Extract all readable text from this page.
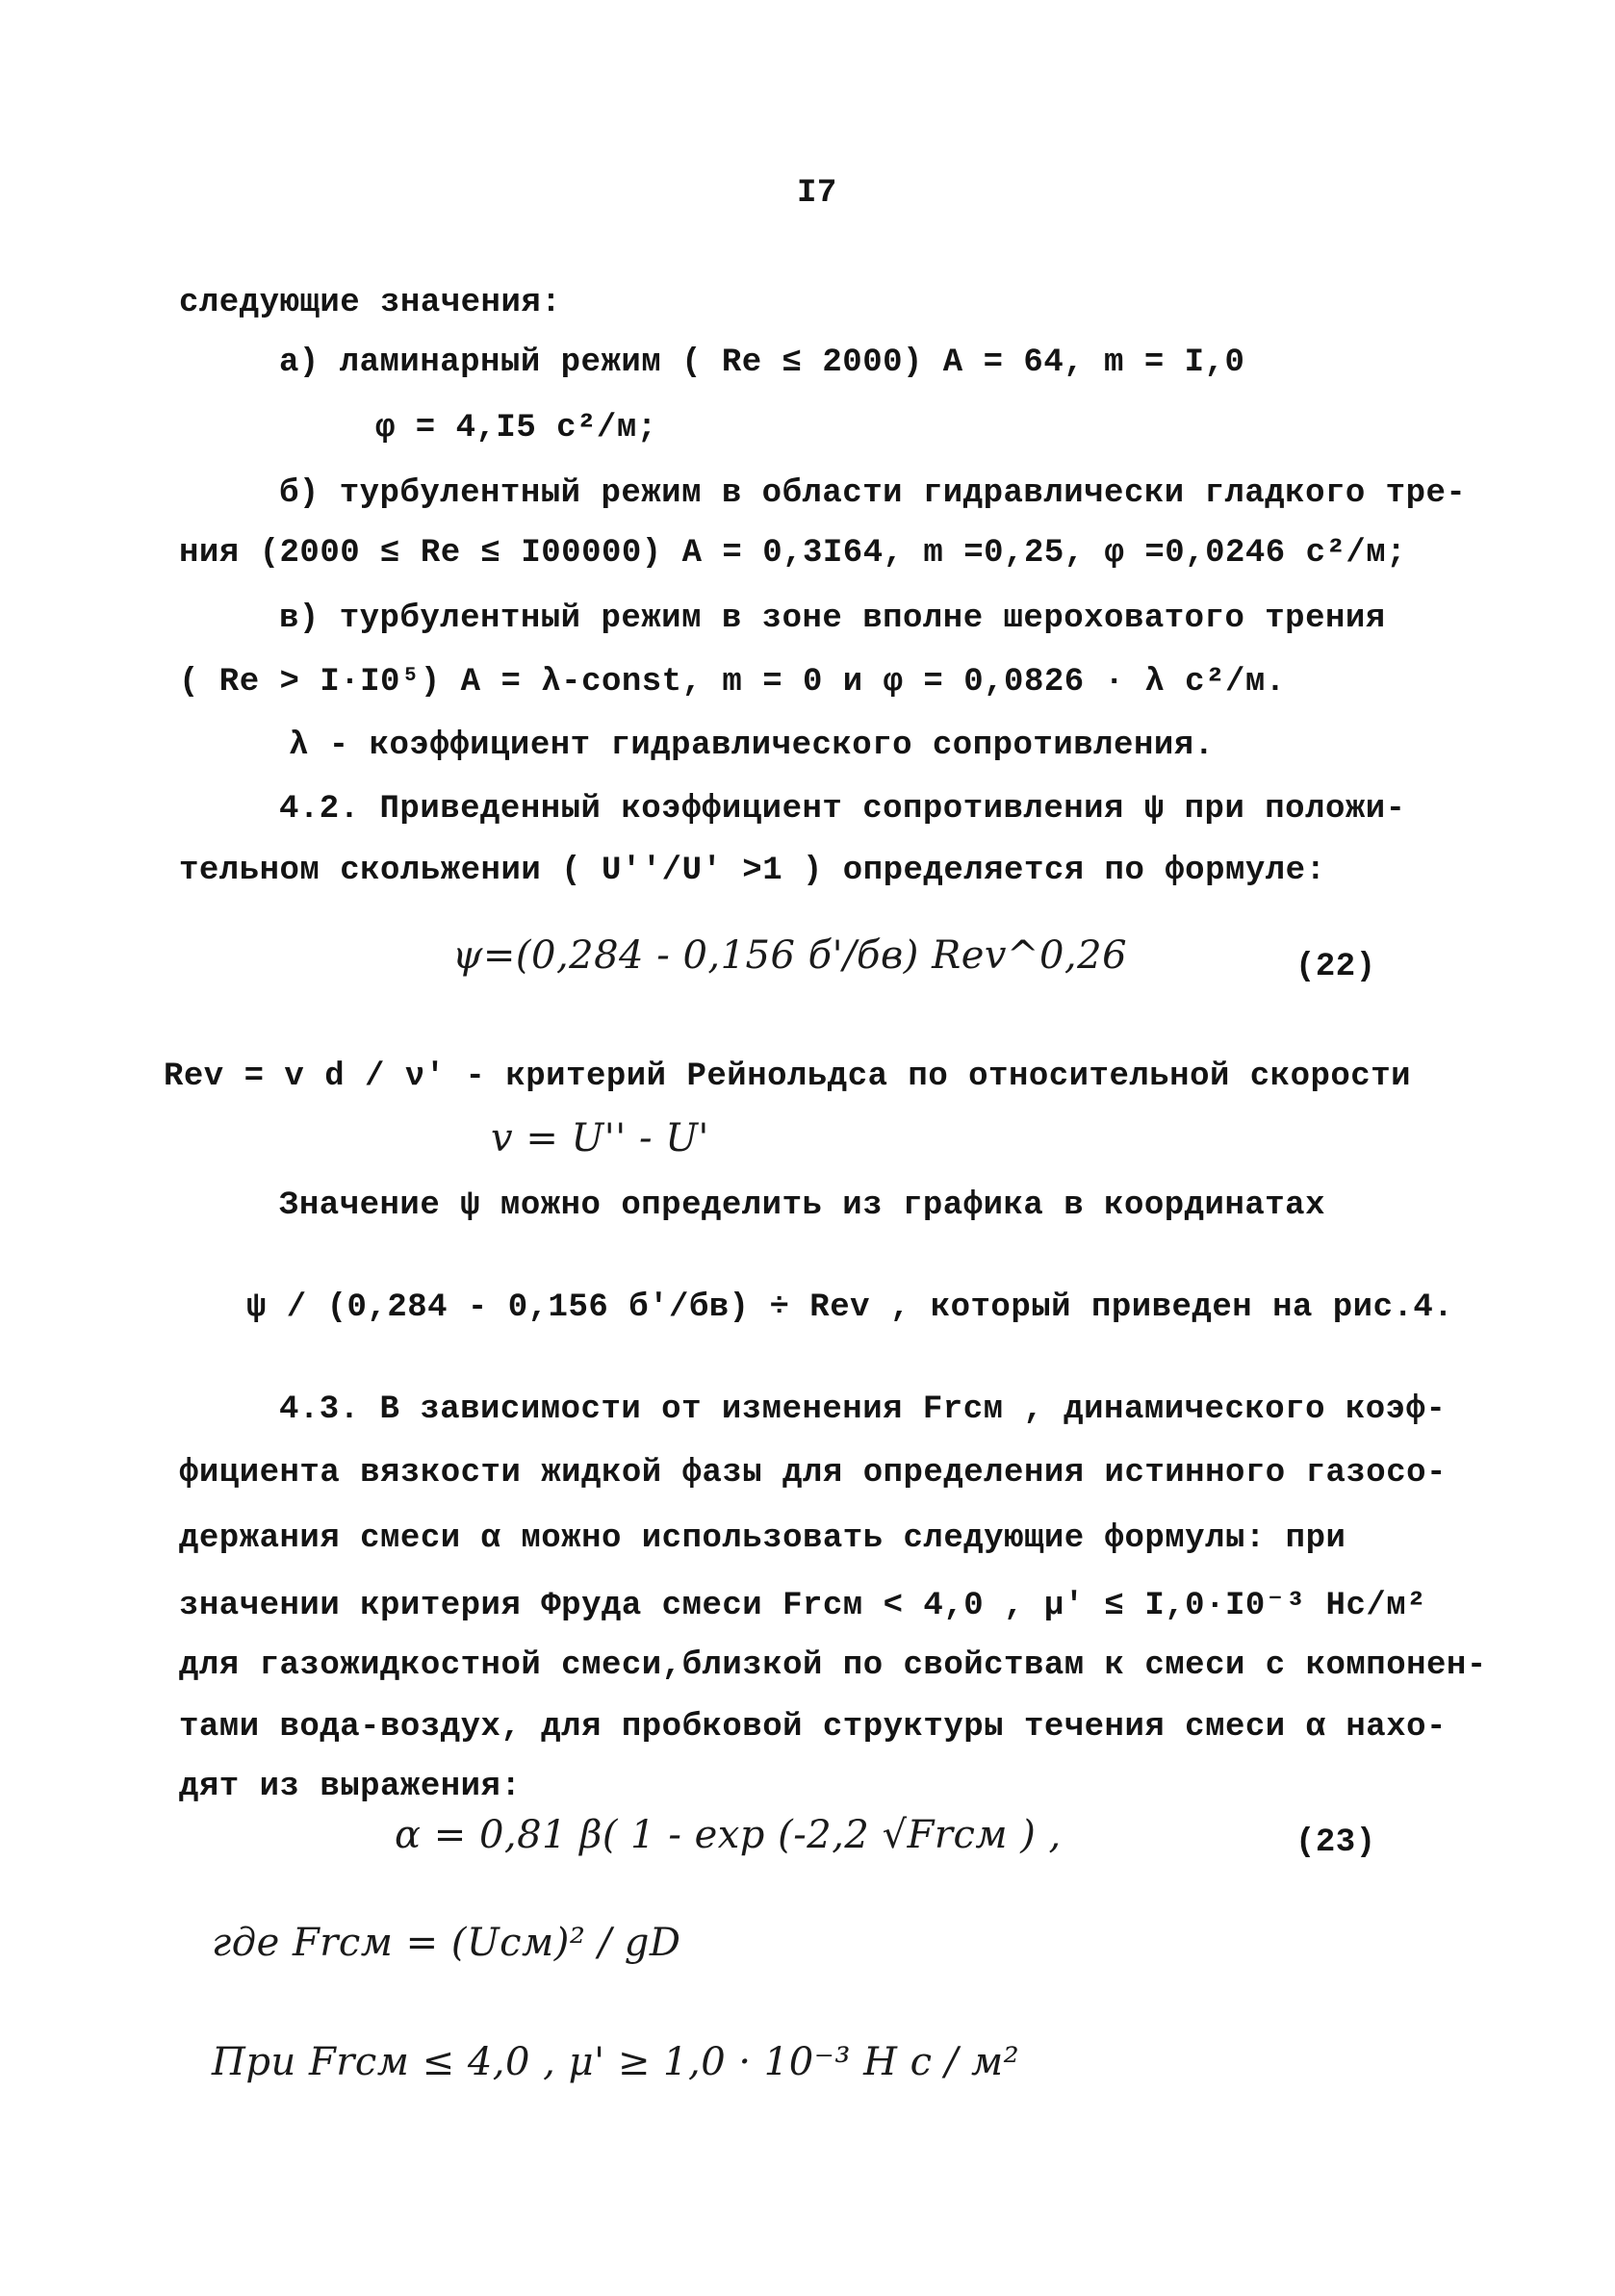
I7
следующие значения:
а) ламинарный режим ( Re ≤ 2000) A = 64, m = I,0
φ = 4,I5 c²/м;
б) турбулентный режим в области гидравлически гладкого тре-
ния (2000 ≤ Re ≤ I00000) A = 0,3I64, m =0,25, φ =0,0246 c²/м;
в) турбулентный режим в зоне вполне шероховатого трения
( Re > I·I0⁵) A = λ-const, m = 0 и φ = 0,0826 · λ c²/м.
λ - коэффициент гидравлического сопротивления.
4.2. Приведенный коэффициент сопротивления ψ при положи-
тельном скольжении ( U''/U' >1 ) определяется по формуле:
ψ=(0,284 - 0,156 б'/бв) Rev^0,26	(22)
Rev = v d / ν' - критерий Рейнольдса по относительной скорости
v = U'' - U'
Значение ψ можно определить из графика в координатах
ψ / (0,284 - 0,156 б'/бв) ÷ Rev , который приведен на рис.4.
4.3. В зависимости от изменения Frсм , динамического коэф-
фициента вязкости жидкой фазы для определения истинного газосо-
держания смеси α можно использовать следующие формулы: при
значении критерия Фруда смеси Frсм < 4,0 , μ' ≤ I,0·I0⁻³ Hc/м²
для газожидкостной смеси,близкой по свойствам к смеси с компонен-
тами вода-воздух, для пробковой структуры течения смеси α нахо-
дят из выражения:
α = 0,81 β( 1 - exp (-2,2 √Frсм ) ,	(23)
где Frсм = (Uсм)² / gD
При Frсм ≤ 4,0 , μ' ≥ 1,0 · 10⁻³ H c / м²
